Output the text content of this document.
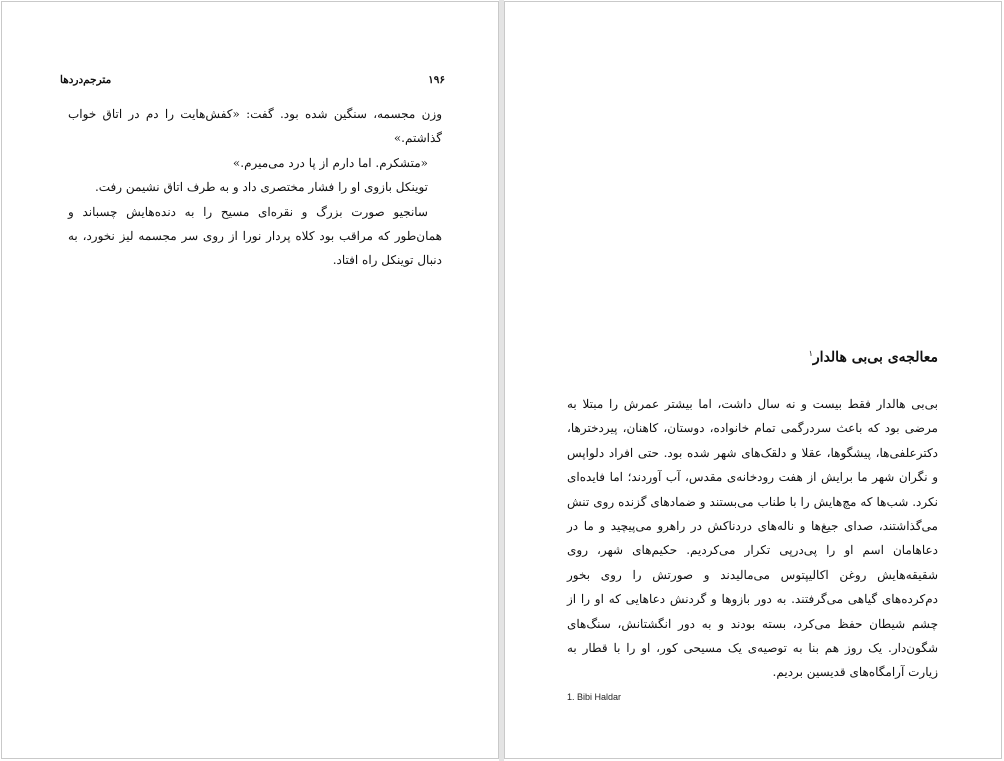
۱۹۶
مترجم‌دردها

وزن مجسمه، سنگین شده بود. گفت: «کفش‌هایت را دم در اتاق خواب گذاشتم.»

«متشکرم. اما دارم از پا درد می‌میرم.»

توینکل بازوی او را فشار مختصری داد و به طرف اتاق نشیمن رفت.

سانجیو صورت بزرگ و نقره‌ای مسیح را به دنده‌هایش چسباند و همان‌طور که مراقب بود کلاه پردار نورا از روی سر مجسمه لیز نخورد، به دنبال توینکل راه افتاد.

معالجه‌ی بی‌بی هالدار$^۱$

بی‌بی هالدار فقط بیست و نه سال داشت، اما بیشتر عمرش را مبتلا به مرضی بود که باعث سردرگمی تمام خانواده، دوستان، کاهنان، پیردخترها، دکترعلفی‌ها، پیشگوها، عقلا و دلقک‌های شهر شده بود. حتی افراد دلواپس و نگران شهر ما برایش از هفت رودخانه‌ی مقدس، آب آوردند؛ اما فایده‌ای نکرد. شب‌ها که مچ‌هایش را با طناب می‌بستند و ضمادهای گزنده روی تنش می‌گذاشتند، صدای جیغ‌ها و ناله‌های دردناکش در راهرو می‌پیچید و ما در دعاهامان اسم او را پی‌درپی تکرار می‌کردیم. حکیم‌های شهر، روی شقیقه‌هایش روغن اکالیپتوس می‌مالیدند و صورتش را روی بخور دم‌کرده‌های گیاهی می‌گرفتند. به دور بازوها و گردنش دعاهایی که او را از چشم شیطان حفظ می‌کرد، بسته بودند و به دور انگشتانش، سنگ‌های شگون‌دار. یک روز هم بنا به توصیه‌ی یک مسیحی کور، او را با قطار به زیارت آرامگاه‌های قدیسین بردیم.

1. Bibi Haldar
